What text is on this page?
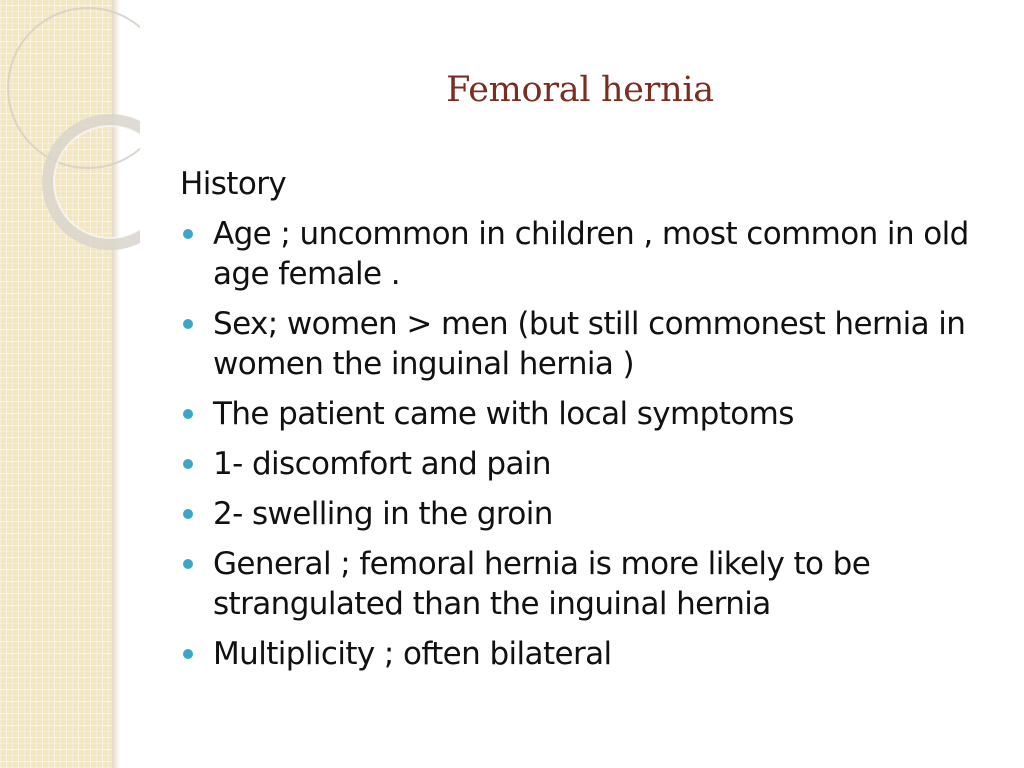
Femoral hernia
History
Age ; uncommon in children , most common in old age female .
Sex; women > men (but still commonest hernia in women the inguinal hernia )
The patient came with local symptoms
1- discomfort and pain
2- swelling in the groin
General ; femoral hernia is more likely to be strangulated than the inguinal hernia
Multiplicity ; often bilateral
